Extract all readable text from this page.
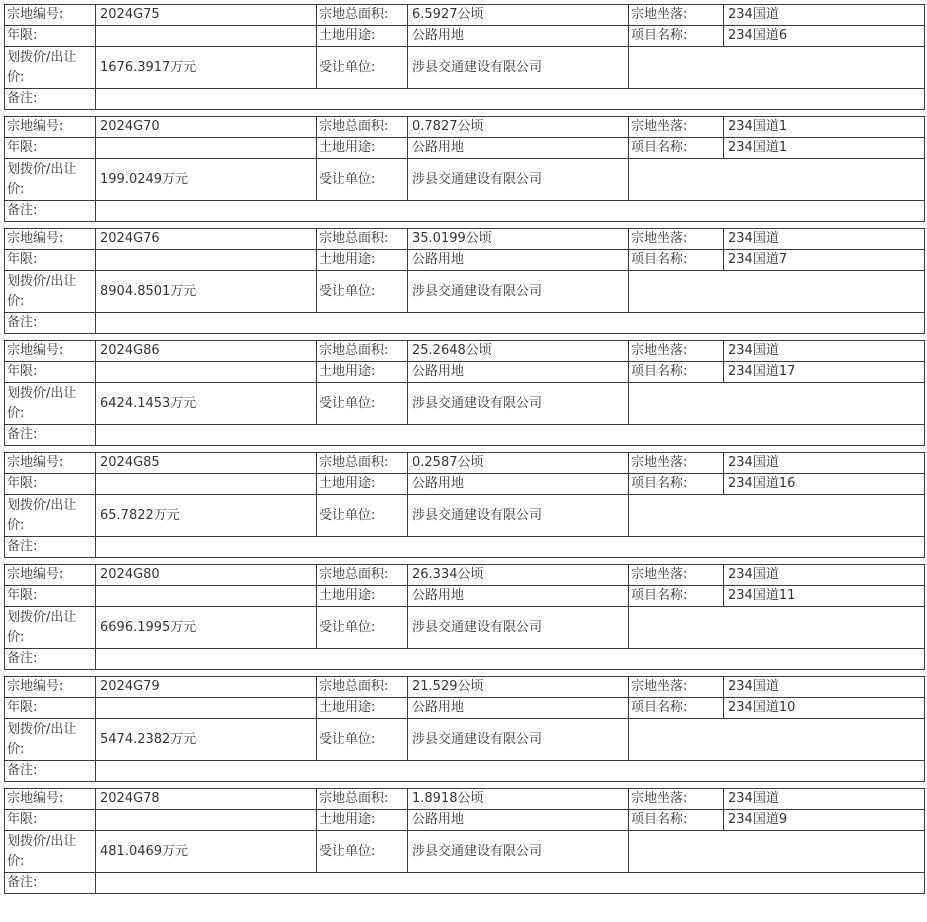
宗地编号:	2024G75	宗地总面积:	6.5927公顷	宗地坐落:	234国道
年限:		土地用途:	公路用地	项目名称:	234国道6
划拨价/出让价:	1676.3917万元	受让单位:	涉县交通建设有限公司		
备注:					
宗地编号:	2024G70	宗地总面积:	0.7827公顷	宗地坐落:	234国道1
年限:		土地用途:	公路用地	项目名称:	234国道1
划拨价/出让价:	199.0249万元	受让单位:	涉县交通建设有限公司		
备注:					
宗地编号:	2024G76	宗地总面积:	35.0199公顷	宗地坐落:	234国道
年限:		土地用途:	公路用地	项目名称:	234国道7
划拨价/出让价:	8904.8501万元	受让单位:	涉县交通建设有限公司		
备注:					
宗地编号:	2024G86	宗地总面积:	25.2648公顷	宗地坐落:	234国道
年限:		土地用途:	公路用地	项目名称:	234国道17
划拨价/出让价:	6424.1453万元	受让单位:	涉县交通建设有限公司		
备注:					
宗地编号:	2024G85	宗地总面积:	0.2587公顷	宗地坐落:	234国道
年限:		土地用途:	公路用地	项目名称:	234国道16
划拨价/出让价:	65.7822万元	受让单位:	涉县交通建设有限公司		
备注:					
宗地编号:	2024G80	宗地总面积:	26.334公顷	宗地坐落:	234国道
年限:		土地用途:	公路用地	项目名称:	234国道11
划拨价/出让价:	6696.1995万元	受让单位:	涉县交通建设有限公司		
备注:					
宗地编号:	2024G79	宗地总面积:	21.529公顷	宗地坐落:	234国道
年限:		土地用途:	公路用地	项目名称:	234国道10
划拨价/出让价:	5474.2382万元	受让单位:	涉县交通建设有限公司		
备注:					
宗地编号:	2024G78	宗地总面积:	1.8918公顷	宗地坐落:	234国道
年限:		土地用途:	公路用地	项目名称:	234国道9
划拨价/出让价:	481.0469万元	受让单位:	涉县交通建设有限公司		
备注:					
